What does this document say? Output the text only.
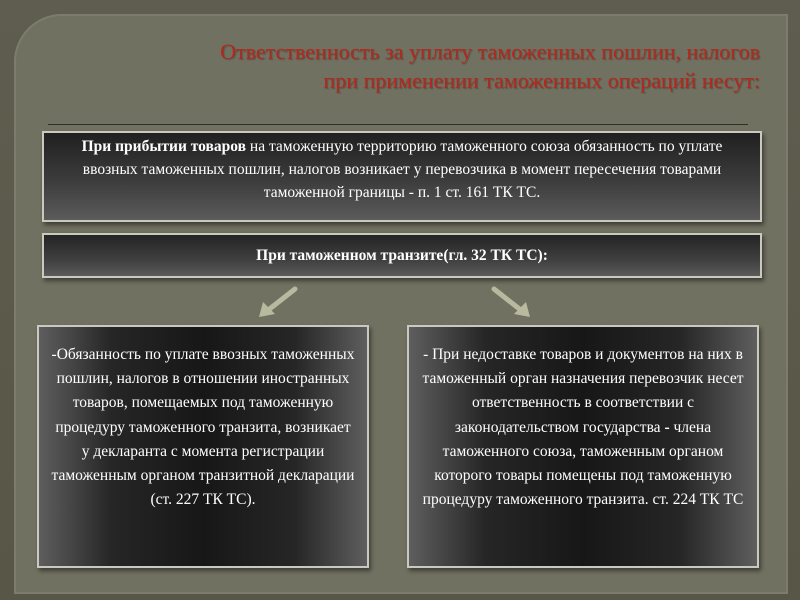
Ответственность за уплату таможенных пошлин, налогов
при применении таможенных операций несут:
При прибытии товаров на таможенную территорию таможенного союза обязанность по уплате ввозных таможенных пошлин, налогов возникает у перевозчика в момент пересечения товарами таможенной границы - п. 1 ст. 161 ТК ТС.
При таможенном транзите(гл. 32 ТК ТС):
-Обязанность по уплате ввозных таможенных пошлин, налогов в отношении иностранных товаров, помещаемых под таможенную процедуру таможенного транзита, возникает у декларанта с момента регистрации таможенным органом транзитной декларации (ст. 227 ТК ТС).
- При недоставке товаров и документов на них в таможенный орган назначения перевозчик несет ответственность в соответствии с законодательством государства - члена таможенного союза, таможенным органом которого товары помещены под таможенную процедуру таможенного транзита. ст. 224 ТК ТС
